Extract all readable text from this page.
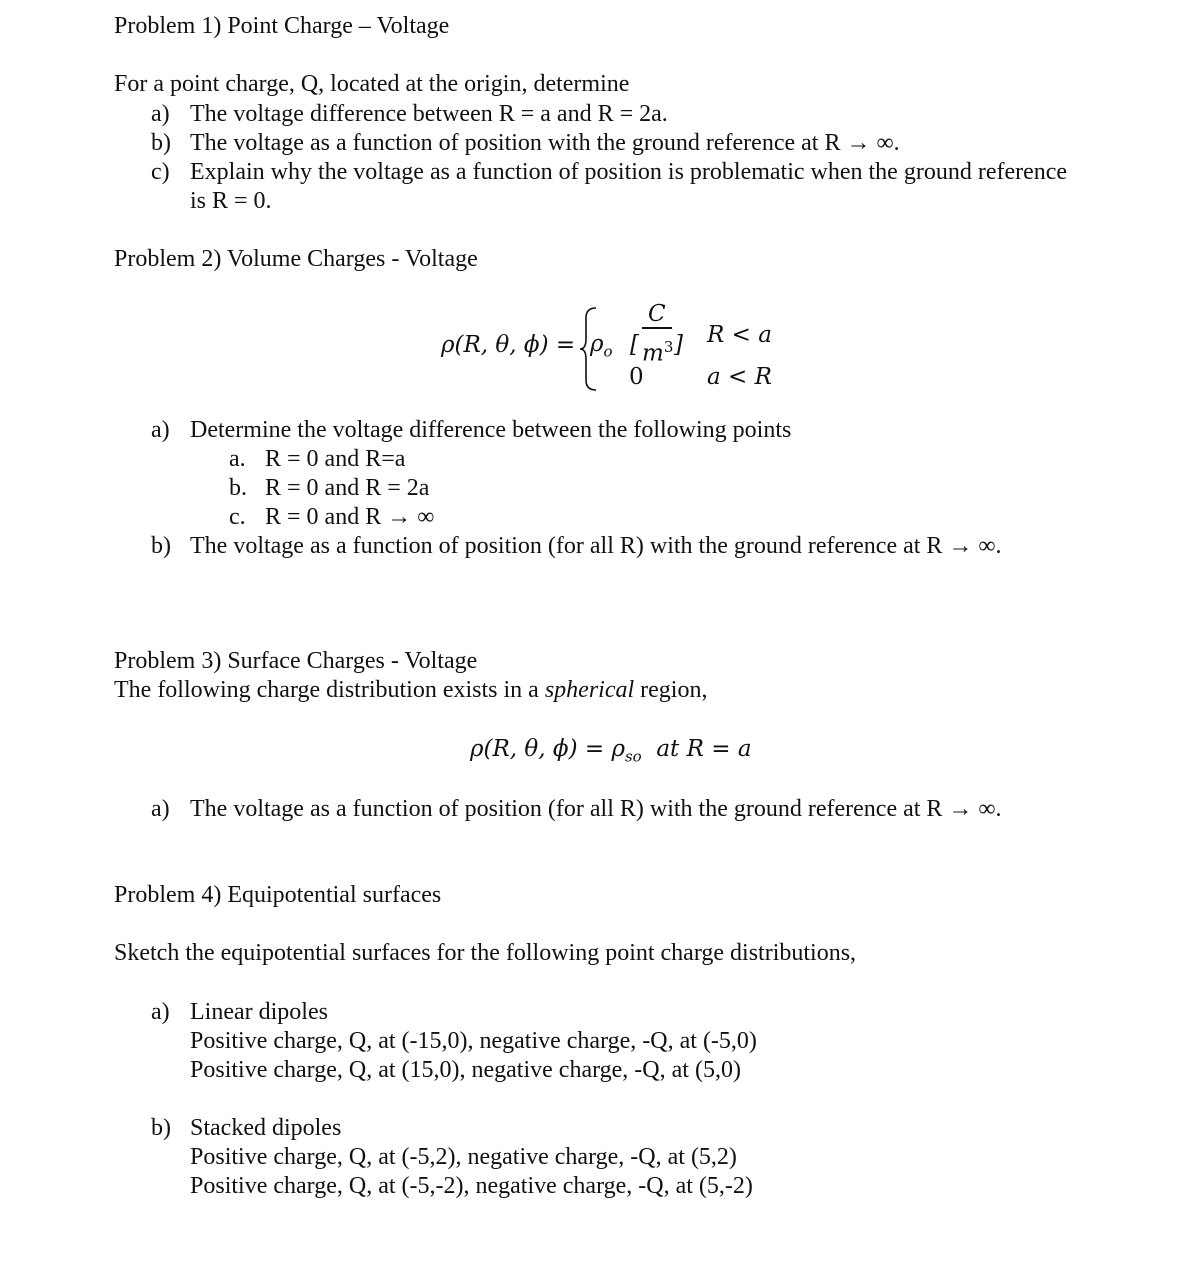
Problem 1) Point Charge – Voltage
For a point charge, Q, located at the origin, determine
a) The voltage difference between R = a and R = 2a.
b) The voltage as a function of position with the ground reference at R → ∞.
c) Explain why the voltage as a function of position is problematic when the ground reference
is R = 0.
Problem 2) Volume Charges - Voltage
ρ(R, θ, $\phi) = \rho_o$ [
C
$m^3$ ] R < a
0	a < R
a) Determine the voltage difference between the following points
a. R = 0 and R=a
b. R = 0 and R = 2a
c. R = 0 and R → ∞
b) The voltage as a function of position (for all R) with the ground reference at R → ∞.
Problem 3) Surface Charges - Voltage
The following charge distribution exists in a spherical region,
ρ(R, θ, $\phi) = \rho_{so}$ at R = a
a) The voltage as a function of position (for all R) with the ground reference at R → ∞.
Problem 4) Equipotential surfaces
Sketch the equipotential surfaces for the following point charge distributions,
a) Linear dipoles
Positive charge, Q, at (-15,0), negative charge, -Q, at (-5,0)
Positive charge, Q, at (15,0), negative charge, -Q, at (5,0)
b) Stacked dipoles
Positive charge, Q, at (-5,2), negative charge, -Q, at (5,2)
Positive charge, Q, at (-5,-2), negative charge, -Q, at (5,-2)
